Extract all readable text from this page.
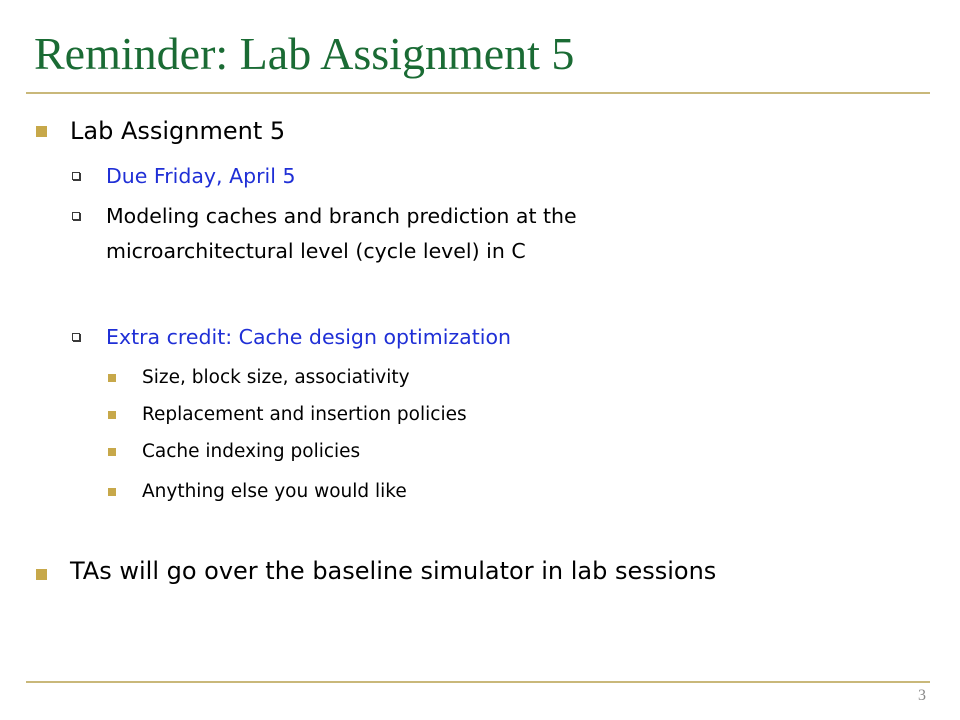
Reminder: Lab Assignment 5
Lab Assignment 5
Due Friday, April 5
Modeling caches and branch prediction at the
microarchitectural level (cycle level) in C
Extra credit: Cache design optimization
Size, block size, associativity
Replacement and insertion policies
Cache indexing policies
Anything else you would like
TAs will go over the baseline simulator in lab sessions
3
